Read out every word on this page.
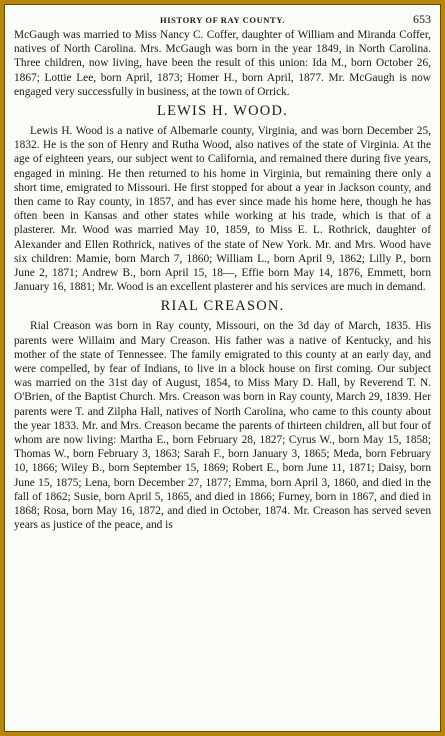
HISTORY OF RAY COUNTY.	653

McGaugh was married to Miss Nancy C. Coffer, daughter of William and Miranda Coffer, natives of North Carolina. Mrs. McGaugh was born in the year 1849, in North Carolina. Three children, now living, have been the result of this union: Ida M., born October 26, 1867; Lottie Lee, born April, 1873; Homer H., born April, 1877. Mr. McGaugh is now engaged very successfully in business, at the town of Orrick.

LEWIS H. WOOD.

Lewis H. Wood is a native of Albemarle county, Virginia, and was born December 25, 1832. He is the son of Henry and Rutha Wood, also natives of the state of Virginia. At the age of eighteen years, our subject went to California, and remained there during five years, engaged in mining. He then returned to his home in Virginia, but remaining there only a short time, emigrated to Missouri. He first stopped for about a year in Jackson county, and then came to Ray county, in 1857, and has ever since made his home here, though he has often been in Kansas and other states while working at his trade, which is that of a plasterer. Mr. Wood was married May 10, 1859, to Miss E. L. Rothrick, daughter of Alexander and Ellen Rothrick, natives of the state of New York. Mr. and Mrs. Wood have six children: Mamie, born March 7, 1860; William L., born April 9, 1862; Lilly P., born June 2, 1871; Andrew B., born April 15, 18—, Effie born May 14, 1876, Emmett, born January 16, 1881; Mr. Wood is an excellent plasterer and his services are much in demand.

RIAL CREASON.

Rial Creason was born in Ray county, Missouri, on the 3d day of March, 1835. His parents were Willaim and Mary Creason. His father was a native of Kentucky, and his mother of the state of Tennessee. The family emigrated to this county at an early day, and were compelled, by fear of Indians, to live in a block house on first coming. Our subject was married on the 31st day of August, 1854, to Miss Mary D. Hall, by Reverend T. N. O'Brien, of the Baptist Church. Mrs. Creason was born in Ray county, March 29, 1839. Her parents were T. and Zilpha Hall, natives of North Carolina, who came to this county about the year 1833. Mr. and Mrs. Creason became the parents of thirteen children, all but four of whom are now living: Martha E., born February 28, 1827; Cyrus W., born May 15, 1858; Thomas W., born February 3, 1863; Sarah F., born January 3, 1865; Meda, born February 10, 1866; Wiley B., born September 15, 1869; Robert E., born June 11, 1871; Daisy, born June 15, 1875; Lena, born December 27, 1877; Emma, born April 3, 1860, and died in the fall of 1862; Susie, born April 5, 1865, and died in 1866; Furney, born in 1867, and died in 1868; Rosa, born May 16, 1872, and died in October, 1874. Mr. Creason has served seven years as justice of the peace, and is
